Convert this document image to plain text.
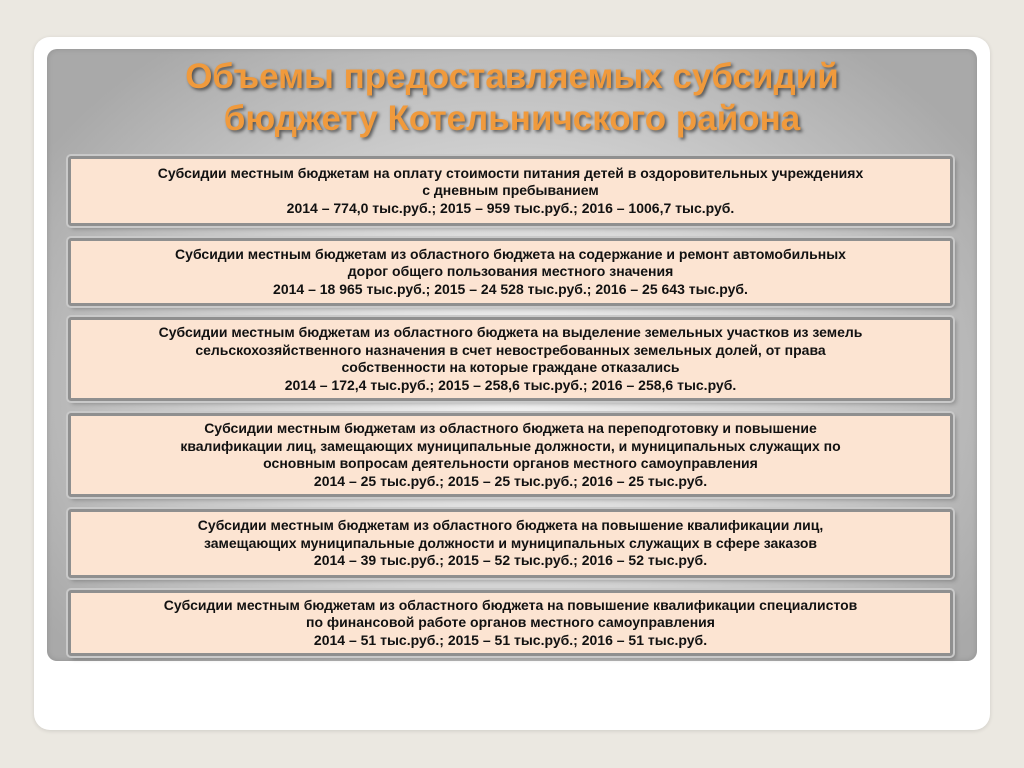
Объемы предоставляемых субсидий
бюджету Котельничского района

Субсидии местным бюджетам на оплату стоимости питания детей в оздоровительных учреждениях
с дневным пребыванием

2014 – 774,0 тыс.руб.; 2015 – 959 тыс.руб.; 2016 – 1006,7 тыс.руб.

Субсидии местным бюджетам из областного бюджета на содержание и ремонт автомобильных
дорог общего пользования местного значения

2014 – 18 965 тыс.руб.; 2015 – 24 528 тыс.руб.; 2016 – 25 643 тыс.руб.

Субсидии местным бюджетам из областного бюджета на выделение земельных участков из земель
сельскохозяйственного назначения в счет невостребованных земельных долей, от права
собственности на которые граждане отказались

2014 – 172,4 тыс.руб.; 2015 – 258,6 тыс.руб.; 2016 – 258,6 тыс.руб.

Субсидии местным бюджетам из областного бюджета на переподготовку и повышение
квалификации лиц, замещающих муниципальные должности, и муниципальных служащих по
основным вопросам деятельности органов местного самоуправления

2014 – 25 тыс.руб.; 2015 – 25 тыс.руб.; 2016 – 25 тыс.руб.

Субсидии местным бюджетам из областного бюджета на повышение квалификации лиц,
замещающих муниципальные должности и муниципальных служащих в сфере заказов

2014 – 39 тыс.руб.; 2015 – 52 тыс.руб.; 2016 – 52 тыс.руб.

Субсидии местным бюджетам из областного бюджета на повышение квалификации специалистов
по финансовой работе органов местного самоуправления

2014 – 51 тыс.руб.; 2015 – 51 тыс.руб.; 2016 – 51 тыс.руб.
